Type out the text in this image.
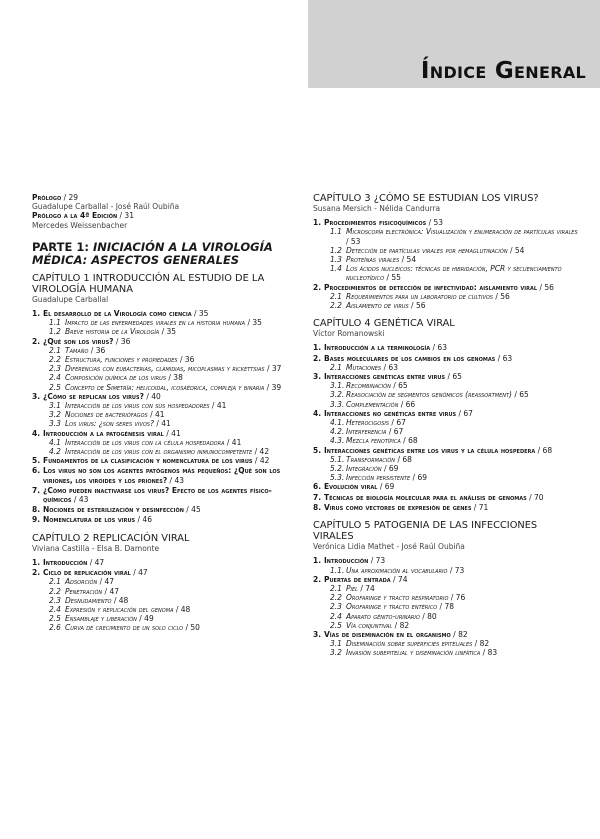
Índice General
Prólogo / 29
Guadalupe Carballal - José Raúl Oubiña
Prólogo a la 4ª Edición / 31
Mercedes Weissenbacher
PARTE 1: INICIACIÓN A LA VIROLOGÍA MÉDICA: ASPECTOS GENERALES
CAPÍTULO 1 INTRODUCCIÓN AL ESTUDIO DE LA VIROLOGÍA HUMANA
Guadalupe Carballal
1. El desarrollo de la Virología como ciencia / 35
1.1 Impacto de las enfermedades virales en la historia humana / 35
1.2 Breve historia de la Virología / 35
2. ¿Qué son los virus? / 36
2.1 Tamaño / 36
2.2 Estructura, funciones y propiedades / 36
2.3 Diferencias con eubacterias, clamidias, micoplasmas y rickettsias / 37
2.4 Composición química de los virus / 38
2.5 Concepto de Simetría: helicoidal, icosaédrica, compleja y binaria / 39
3. ¿Cómo se replican los virus? / 40
3.1 Interacción de los virus con sus hospedadores / 41
3.2 Nociones de bacteriófagos / 41
3.3 Los virus: ¿son seres vivos? / 41
4. Introducción a la patogénesis viral / 41
4.1 Interacción de los virus con la célula hospedadora / 41
4.2 Interacción de los virus con el organismo inmunocompetente / 42
5. Fundamentos de la clasificación y nomenclatura de los virus / 42
6. Los virus no son los agentes patógenos más pequeños: ¿Qué son los viriones, los viroides y los priones? / 43
7. ¿Cómo pueden inactivarse los virus? Efecto de los agentes físico-químicos / 43
8. Nociones de esterilización y desinfección / 45
9. Nomenclatura de los virus / 46
CAPÍTULO 2 REPLICACIÓN VIRAL
Viviana Castilla - Elsa B. Damonte
1. Introducción / 47
2. Ciclo de replicación viral / 47
2.1 Adsorción / 47
2.2 Penetración / 47
2.3 Desnudamiento / 48
2.4 Expresión y replicación del genoma / 48
2.5 Ensamblaje y liberación / 49
2.6 Curva de crecimiento de un solo ciclo / 50
CAPÍTULO 3 ¿CÓMO SE ESTUDIAN LOS VIRUS?
Susana Mersich - Nélida Candurra
1. Procedimientos fisicoquímicos / 53
1.1 Microscopía electrónica: Visualización y enumeración de partículas virales / 53
1.2 Detección de partículas virales por hemaglutinación / 54
1.3 Proteínas virales / 54
1.4 Los ácidos nucleicos: técnicas de hibridación, PCR y secuenciamiento nucleotídico / 55
2. Procedimientos de detección de infectividad: aislamiento viral / 56
2.1 Requerimientos para un laboratorio de cultivos / 56
2.2 Aislamiento de virus / 56
CAPÍTULO 4 GENÉTICA VIRAL
Víctor Romanowski
1. Introducción a la terminología / 63
2. Bases moleculares de los cambios en los genomas / 63
2.1 Mutaciones / 63
3. Interacciones genéticas entre virus / 65
3.1. Recombinación / 65
3.2. Reasociación de segmentos genómicos (reassortment) / 65
3.3. Complementación / 66
4. Interacciones no genéticas entre virus / 67
4.1. Heterocigosis / 67
4.2. Interferencia / 67
4.3. Mezcla fenotípica / 68
5. Interacciones genéticas entre los virus y la célula hospedera / 68
5.1. Transformación / 68
5.2. Integración / 69
5.3. Infección persistente / 69
6. Evolución viral / 69
7. Técnicas de biología molecular para el análisis de genomas / 70
8. Virus como vectores de expresión de genes / 71
CAPÍTULO 5 PATOGENIA DE LAS INFECCIONES VIRALES
Verónica Lidia Mathet - José Raúl Oubiña
1. Introducción / 73
1.1. Una aproximación al vocabulario / 73
2. Puertas de entrada / 74
2.1 Piel / 74
2.2 Orofaringe y tracto respiratorio / 76
2.3 Orofaringe y tracto entérico / 78
2.4 Aparato génito-urinario / 80
2.5 Vía conjuntival / 82
3. Vías de diseminación en el organismo / 82
3.1 Diseminación sobre superficies epiteliales / 82
3.2 Invasión subepitelial y diseminación linfática / 83
